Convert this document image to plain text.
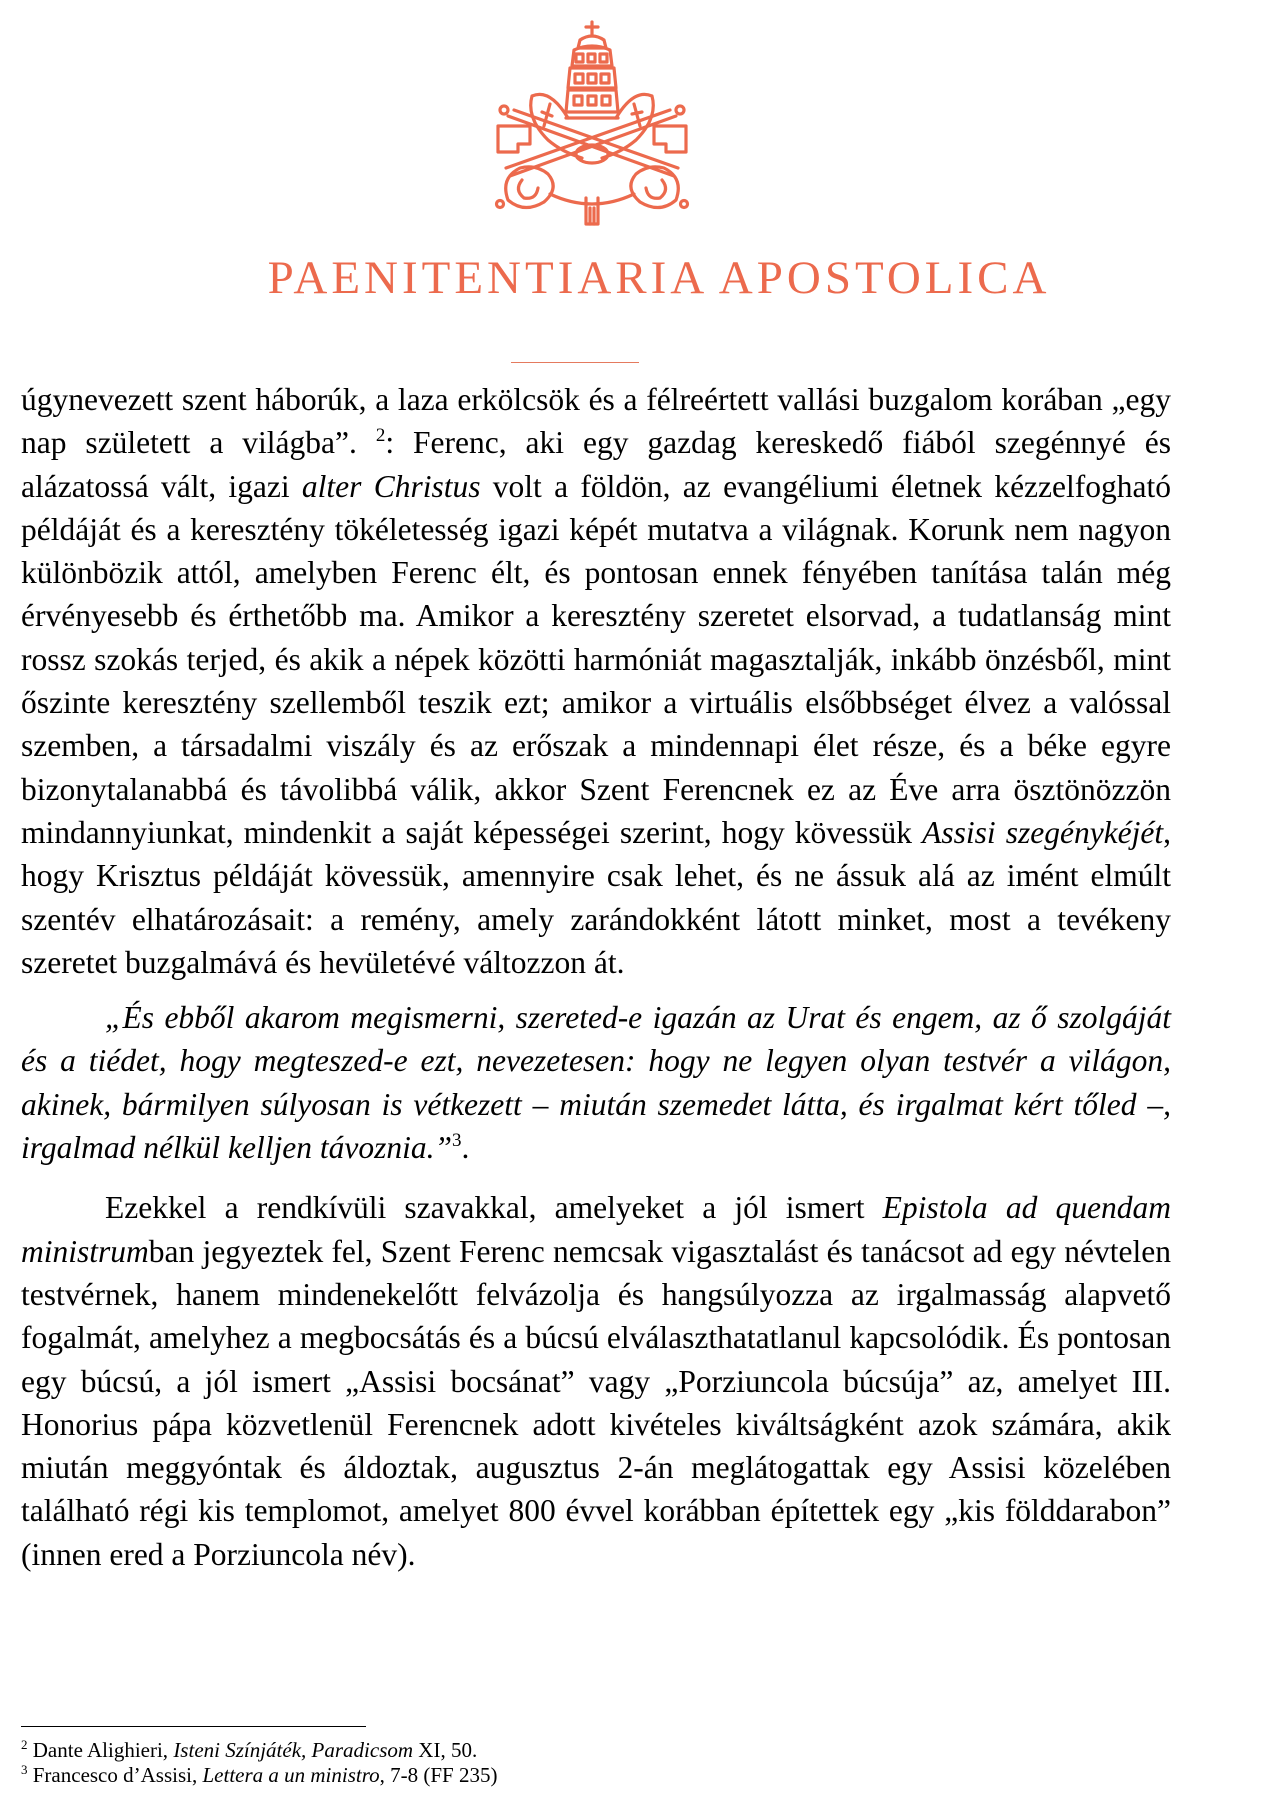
PAENITENTIARIA APOSTOLICA

úgynevezett szent háborúk, a laza erkölcsök és a félreértett vallási buzgalom korában „egy nap született a világba”. $^2$: Ferenc, aki egy gazdag kereskedő fiából szegénnyé és alázatossá vált, igazi alter Christus volt a földön, az evangéliumi életnek kézzelfogható példáját és a keresztény tökéletesség igazi képét mutatva a világnak. Korunk nem nagyon különbözik attól, amelyben Ferenc élt, és pontosan ennek fényében tanítása talán még érvényesebb és érthetőbb ma. Amikor a keresztény szeretet elsorvad, a tudatlanság mint rossz szokás terjed, és akik a népek közötti harmóniát magasztalják, inkább önzésből, mint őszinte keresztény szellemből teszik ezt; amikor a virtuális elsőbbséget élvez a valóssal szemben, a társadalmi viszály és az erőszak a mindennapi élet része, és a béke egyre bizonytalanabbá és távolibbá válik, akkor Szent Ferencnek ez az Éve arra ösztönözzön mindannyiunkat, mindenkit a saját képességei szerint, hogy kövessük Assisi szegénykéjét, hogy Krisztus példáját kövessük, amennyire csak lehet, és ne ássuk alá az imént elmúlt szentév elhatározásait: a remény, amely zarándokként látott minket, most a tevékeny szeretet buzgalmává és hevületévé változzon át.

„És ebből akarom megismerni, szereted-e igazán az Urat és engem, az ő szolgáját és a tiédet, hogy megteszed-e ezt, nevezetesen: hogy ne legyen olyan testvér a világon, akinek, bármilyen súlyosan is vétkezett – miután szemedet látta, és irgalmat kért tőled –, irgalmad nélkül kelljen távoznia.”$^3$.

Ezekkel a rendkívüli szavakkal, amelyeket a jól ismert Epistola ad quendam ministrumban jegyeztek fel, Szent Ferenc nemcsak vigasztalást és tanácsot ad egy névtelen testvérnek, hanem mindenekelőtt felvázolja és hangsúlyozza az irgalmasság alapvető fogalmát, amelyhez a megbocsátás és a búcsú elválaszthatatlanul kapcsolódik. És pontosan egy búcsú, a jól ismert „Assisi bocsánat” vagy „Porziuncola búcsúja” az, amelyet III. Honorius pápa közvetlenül Ferencnek adott kivételes kiváltságként azok számára, akik miután meggyóntak és áldoztak, augusztus 2-án meglátogattak egy Assisi közelében található régi kis templomot, amelyet 800 évvel korábban építettek egy „kis földdarabon” (innen ered a Porziuncola név).

$^2$ Dante Alighieri, Isteni Színjáték, Paradicsom XI, 50.
$^3$ Francesco d’Assisi, Lettera a un ministro, 7-8 (FF 235)
